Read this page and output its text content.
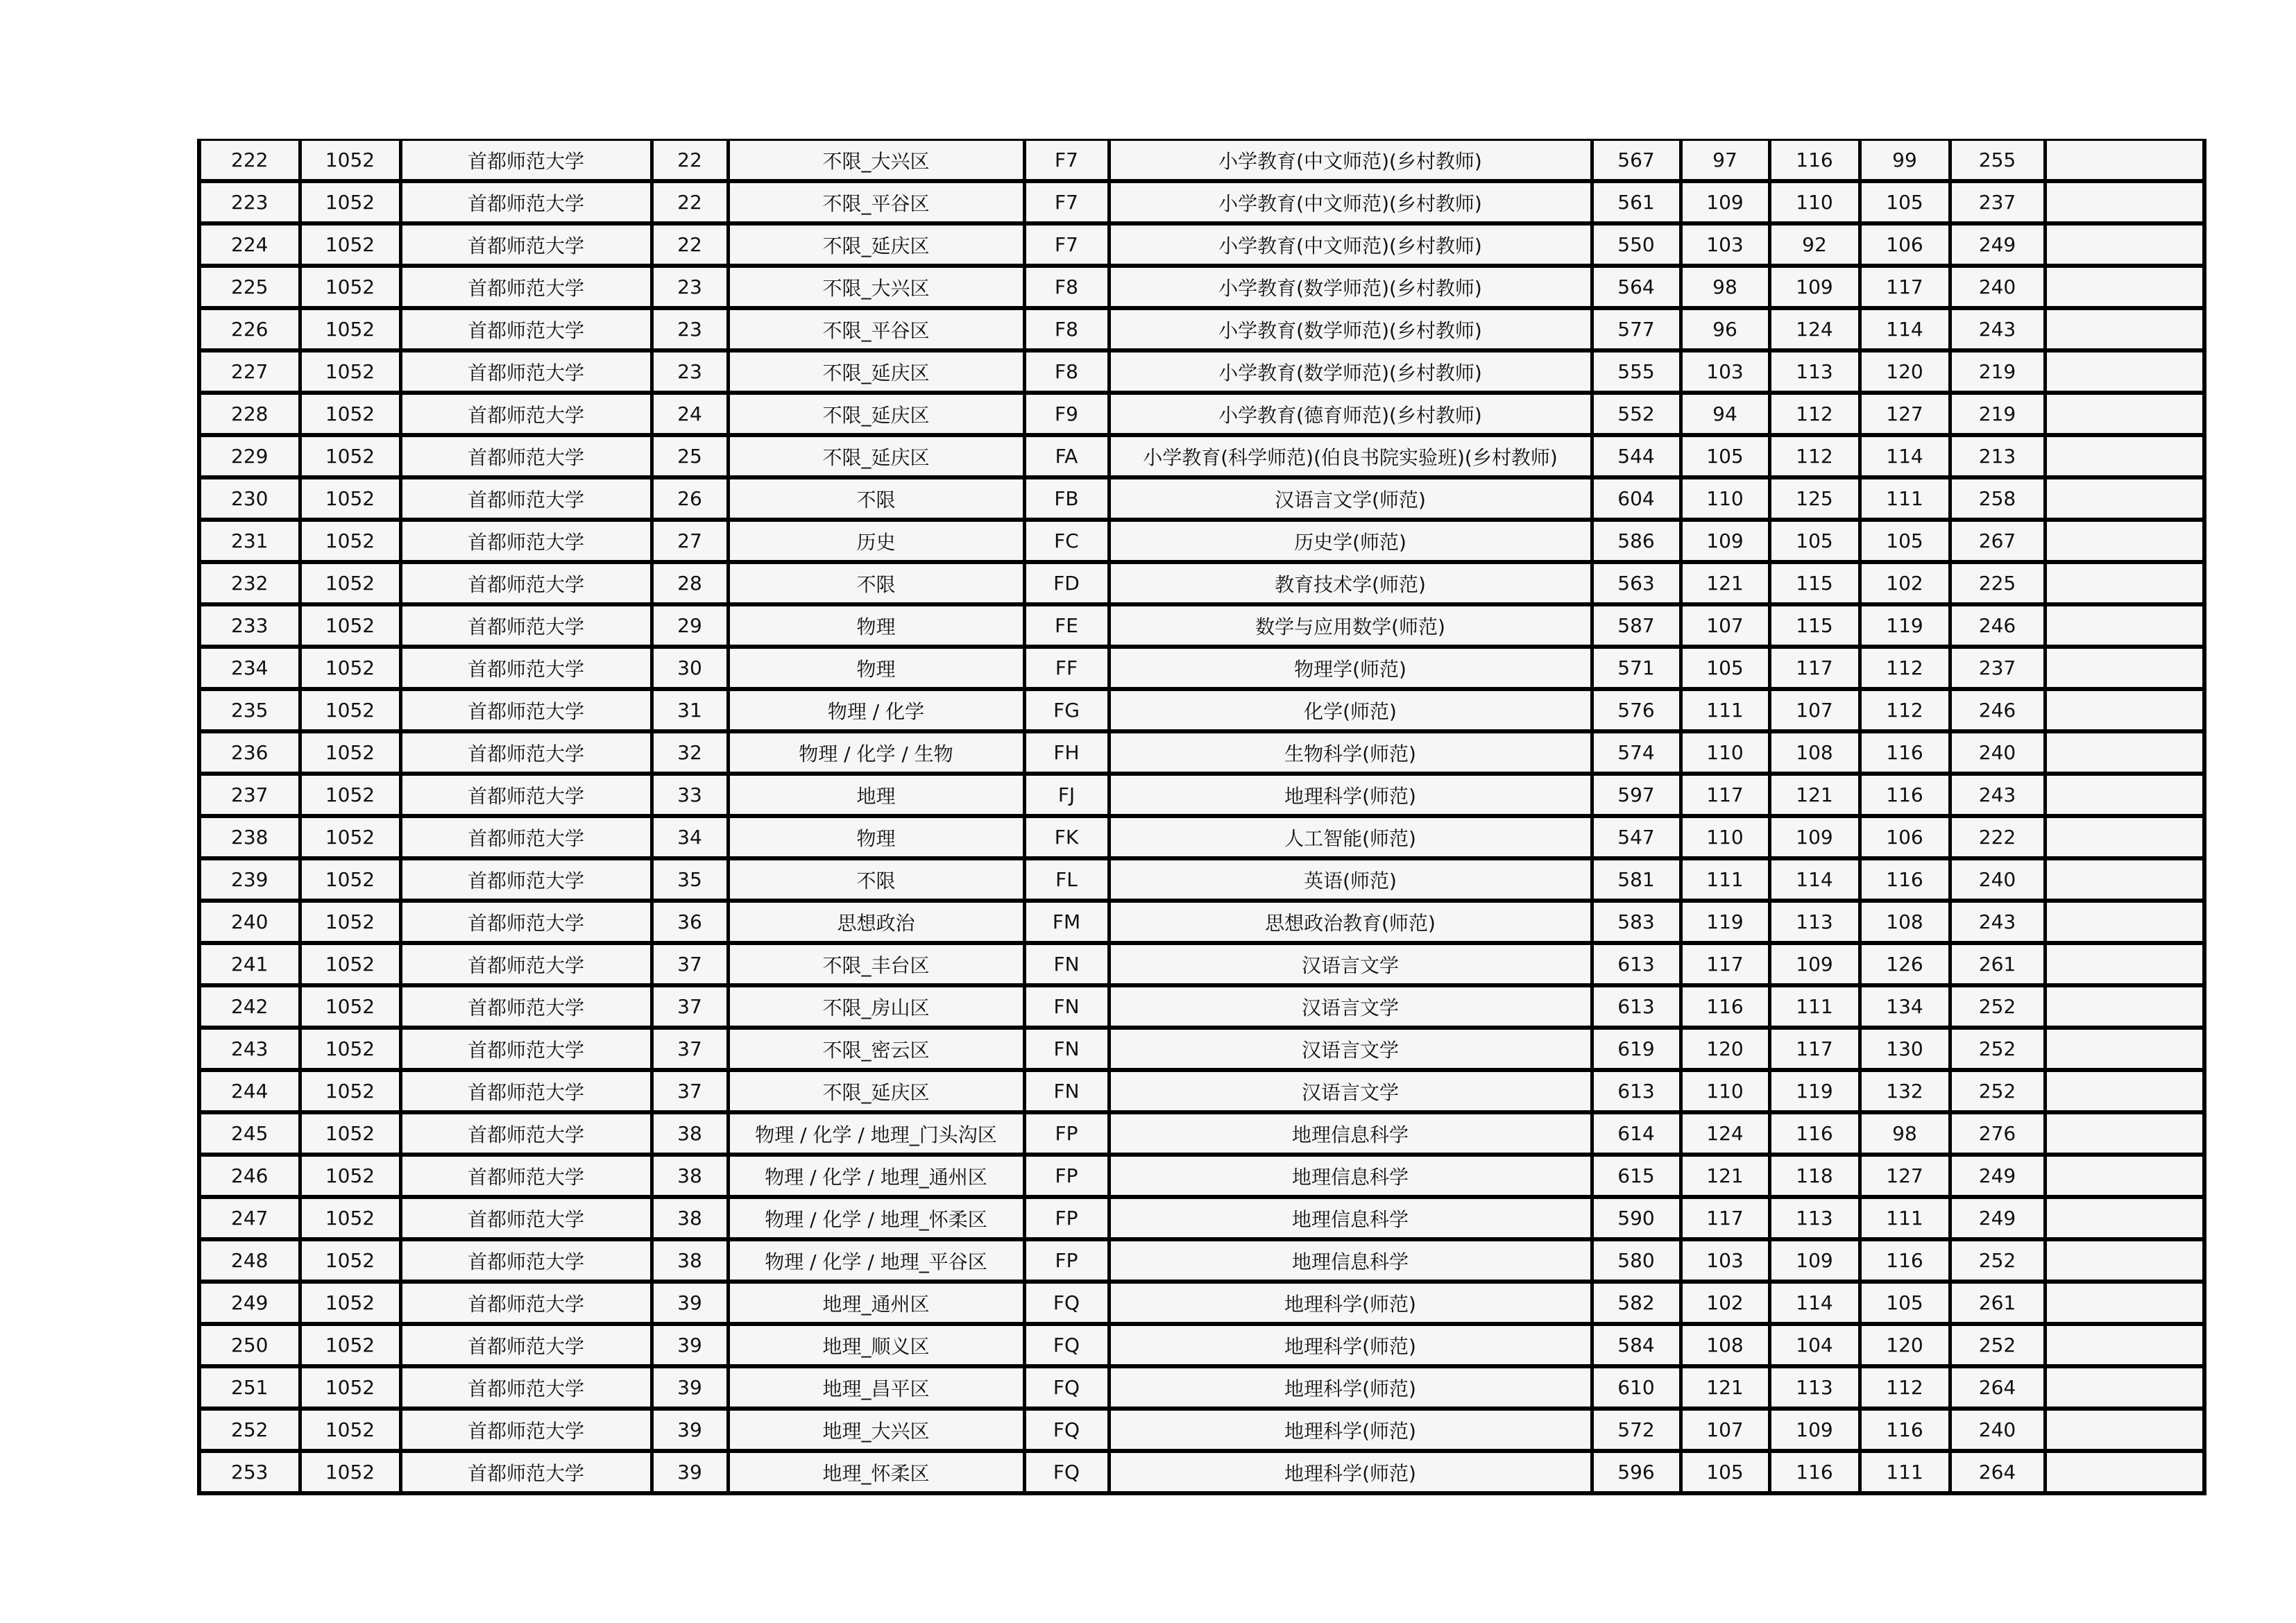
222	1052	首都师范大学	22	不限_大兴区	F7	小学教育(中文师范)(乡村教师)	567	97	116	99	255	
223	1052	首都师范大学	22	不限_平谷区	F7	小学教育(中文师范)(乡村教师)	561	109	110	105	237	
224	1052	首都师范大学	22	不限_延庆区	F7	小学教育(中文师范)(乡村教师)	550	103	92	106	249	
225	1052	首都师范大学	23	不限_大兴区	F8	小学教育(数学师范)(乡村教师)	564	98	109	117	240	
226	1052	首都师范大学	23	不限_平谷区	F8	小学教育(数学师范)(乡村教师)	577	96	124	114	243	
227	1052	首都师范大学	23	不限_延庆区	F8	小学教育(数学师范)(乡村教师)	555	103	113	120	219	
228	1052	首都师范大学	24	不限_延庆区	F9	小学教育(德育师范)(乡村教师)	552	94	112	127	219	
229	1052	首都师范大学	25	不限_延庆区	FA	小学教育(科学师范)(伯良书院实验班)(乡村教师)	544	105	112	114	213	
230	1052	首都师范大学	26	不限	FB	汉语言文学(师范)	604	110	125	111	258	
231	1052	首都师范大学	27	历史	FC	历史学(师范)	586	109	105	105	267	
232	1052	首都师范大学	28	不限	FD	教育技术学(师范)	563	121	115	102	225	
233	1052	首都师范大学	29	物理	FE	数学与应用数学(师范)	587	107	115	119	246	
234	1052	首都师范大学	30	物理	FF	物理学(师范)	571	105	117	112	237	
235	1052	首都师范大学	31	物理 / 化学	FG	化学(师范)	576	111	107	112	246	
236	1052	首都师范大学	32	物理 / 化学 / 生物	FH	生物科学(师范)	574	110	108	116	240	
237	1052	首都师范大学	33	地理	FJ	地理科学(师范)	597	117	121	116	243	
238	1052	首都师范大学	34	物理	FK	人工智能(师范)	547	110	109	106	222	
239	1052	首都师范大学	35	不限	FL	英语(师范)	581	111	114	116	240	
240	1052	首都师范大学	36	思想政治	FM	思想政治教育(师范)	583	119	113	108	243	
241	1052	首都师范大学	37	不限_丰台区	FN	汉语言文学	613	117	109	126	261	
242	1052	首都师范大学	37	不限_房山区	FN	汉语言文学	613	116	111	134	252	
243	1052	首都师范大学	37	不限_密云区	FN	汉语言文学	619	120	117	130	252	
244	1052	首都师范大学	37	不限_延庆区	FN	汉语言文学	613	110	119	132	252	
245	1052	首都师范大学	38	物理 / 化学 / 地理_门头沟区	FP	地理信息科学	614	124	116	98	276	
246	1052	首都师范大学	38	物理 / 化学 / 地理_通州区	FP	地理信息科学	615	121	118	127	249	
247	1052	首都师范大学	38	物理 / 化学 / 地理_怀柔区	FP	地理信息科学	590	117	113	111	249	
248	1052	首都师范大学	38	物理 / 化学 / 地理_平谷区	FP	地理信息科学	580	103	109	116	252	
249	1052	首都师范大学	39	地理_通州区	FQ	地理科学(师范)	582	102	114	105	261	
250	1052	首都师范大学	39	地理_顺义区	FQ	地理科学(师范)	584	108	104	120	252	
251	1052	首都师范大学	39	地理_昌平区	FQ	地理科学(师范)	610	121	113	112	264	
252	1052	首都师范大学	39	地理_大兴区	FQ	地理科学(师范)	572	107	109	116	240	
253	1052	首都师范大学	39	地理_怀柔区	FQ	地理科学(师范)	596	105	116	111	264	
